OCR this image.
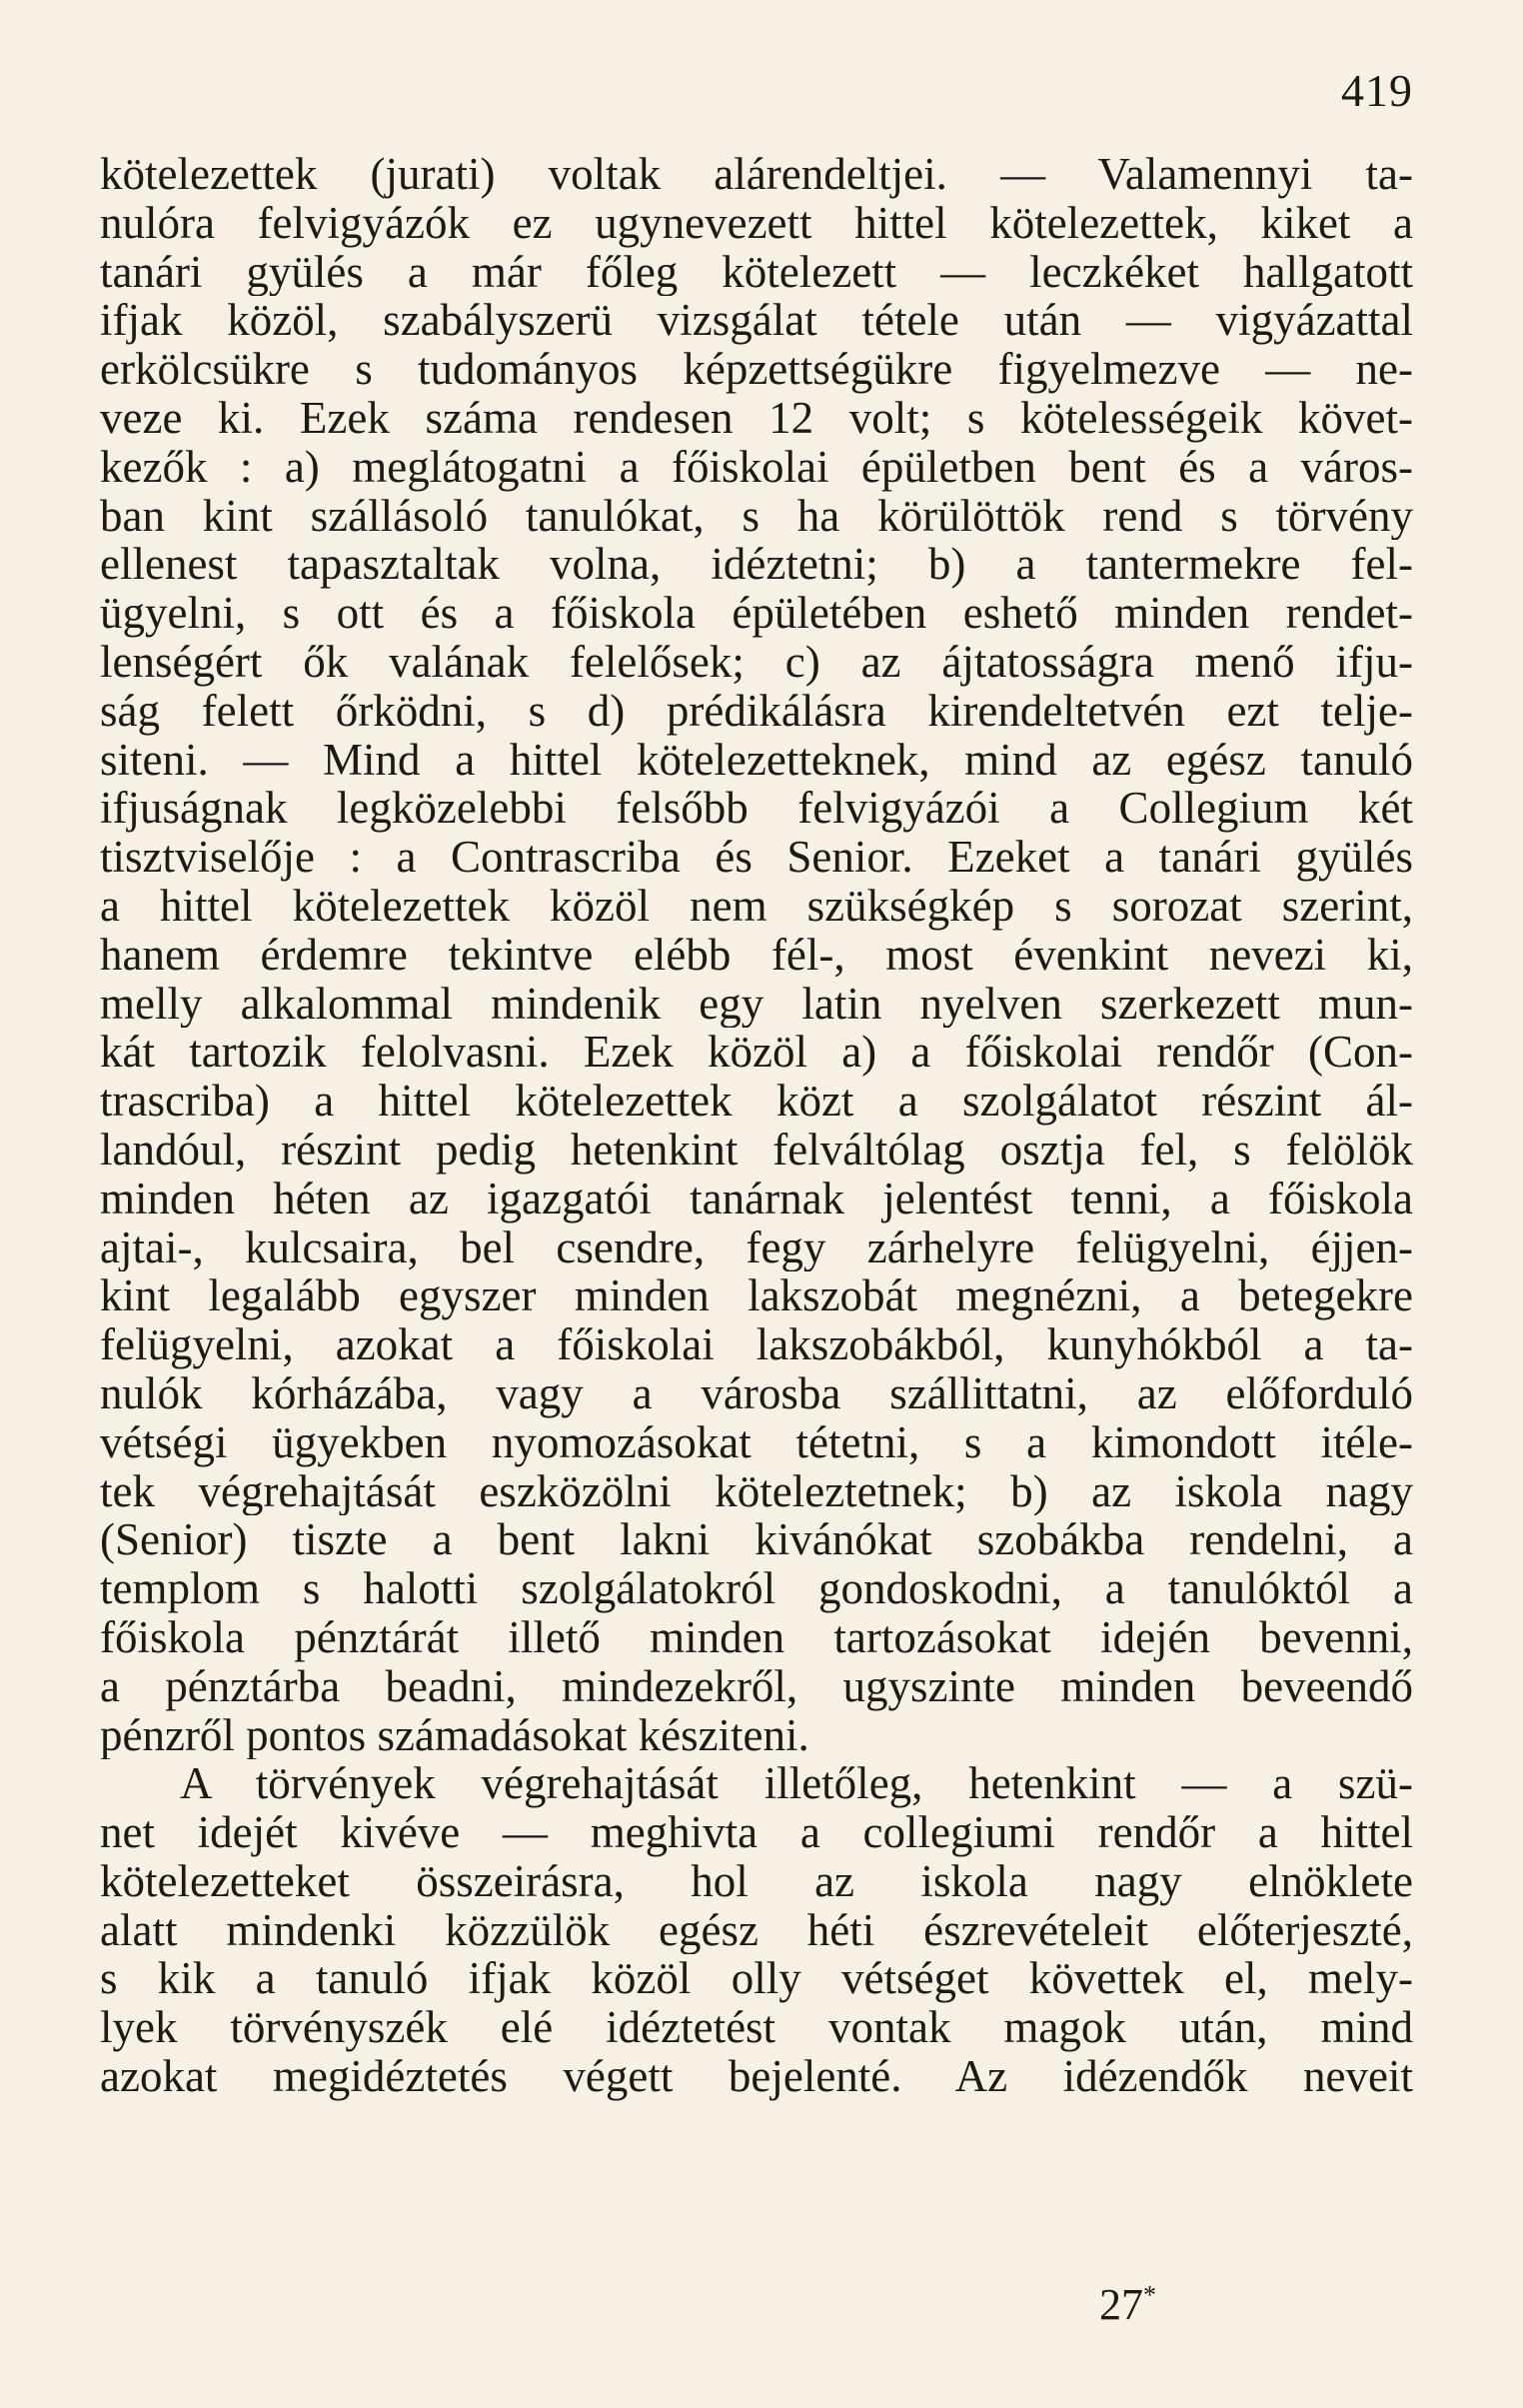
419
kötelezettek (jurati) voltak alárendeltjei. — Valamennyi ta-
nulóra felvigyázók ez ugynevezett hittel kötelezettek, kiket a
tanári gyülés a már főleg kötelezett — leczkéket hallgatott
ifjak közöl, szabályszerü vizsgálat tétele után — vigyázattal
erkölcsükre s tudományos képzettségükre figyelmezve — ne-
veze ki. Ezek száma rendesen 12 volt; s kötelességeik követ-
kezők : a) meglátogatni a főiskolai épületben bent és a város-
ban kint szállásoló tanulókat, s ha körülöttök rend s törvény
ellenest tapasztaltak volna, idéztetni; b) a tantermekre fel-
ügyelni, s ott és a főiskola épületében eshető minden rendet-
lenségért ők valának felelősek; c) az ájtatosságra menő ifju-
ság felett őrködni, s d) prédikálásra kirendeltetvén ezt telje-
siteni. — Mind a hittel kötelezetteknek, mind az egész tanuló
ifjuságnak legközelebbi felsőbb felvigyázói a Collegium két
tisztviselője : a Contrascriba és Senior. Ezeket a tanári gyülés
a hittel kötelezettek közöl nem szükségkép s sorozat szerint,
hanem érdemre tekintve elébb fél-, most évenkint nevezi ki,
melly alkalommal mindenik egy latin nyelven szerkezett mun-
kát tartozik felolvasni. Ezek közöl a) a főiskolai rendőr (Con-
trascriba) a hittel kötelezettek közt a szolgálatot részint ál-
landóul, részint pedig hetenkint felváltólag osztja fel, s felölök
minden héten az igazgatói tanárnak jelentést tenni, a főiskola
ajtai-, kulcsaira, bel csendre, fegy zárhelyre felügyelni, éjjen-
kint legalább egyszer minden lakszobát megnézni, a betegekre
felügyelni, azokat a főiskolai lakszobákból, kunyhókból a ta-
nulók kórházába, vagy a városba szállittatni, az előforduló
vétségi ügyekben nyomozásokat tétetni, s a kimondott itéle-
tek végrehajtását eszközölni köteleztetnek; b) az iskola nagy
(Senior) tiszte a bent lakni kivánókat szobákba rendelni, a
templom s halotti szolgálatokról gondoskodni, a tanulóktól a
főiskola pénztárát illető minden tartozásokat idején bevenni,
a pénztárba beadni, mindezekről, ugyszinte minden beveendő
pénzről pontos számadásokat késziteni.
A törvények végrehajtását illetőleg, hetenkint — a szü-
net idejét kivéve — meghivta a collegiumi rendőr a hittel
kötelezetteket összeirásra, hol az iskola nagy elnöklete
alatt mindenki közzülök egész héti észrevételeit előterjeszté,
s kik a tanuló ifjak közöl olly vétséget követtek el, mely-
lyek törvényszék elé idéztetést vontak magok után, mind
azokat megidéztetés végett bejelenté. Az idézendők neveit
27*
